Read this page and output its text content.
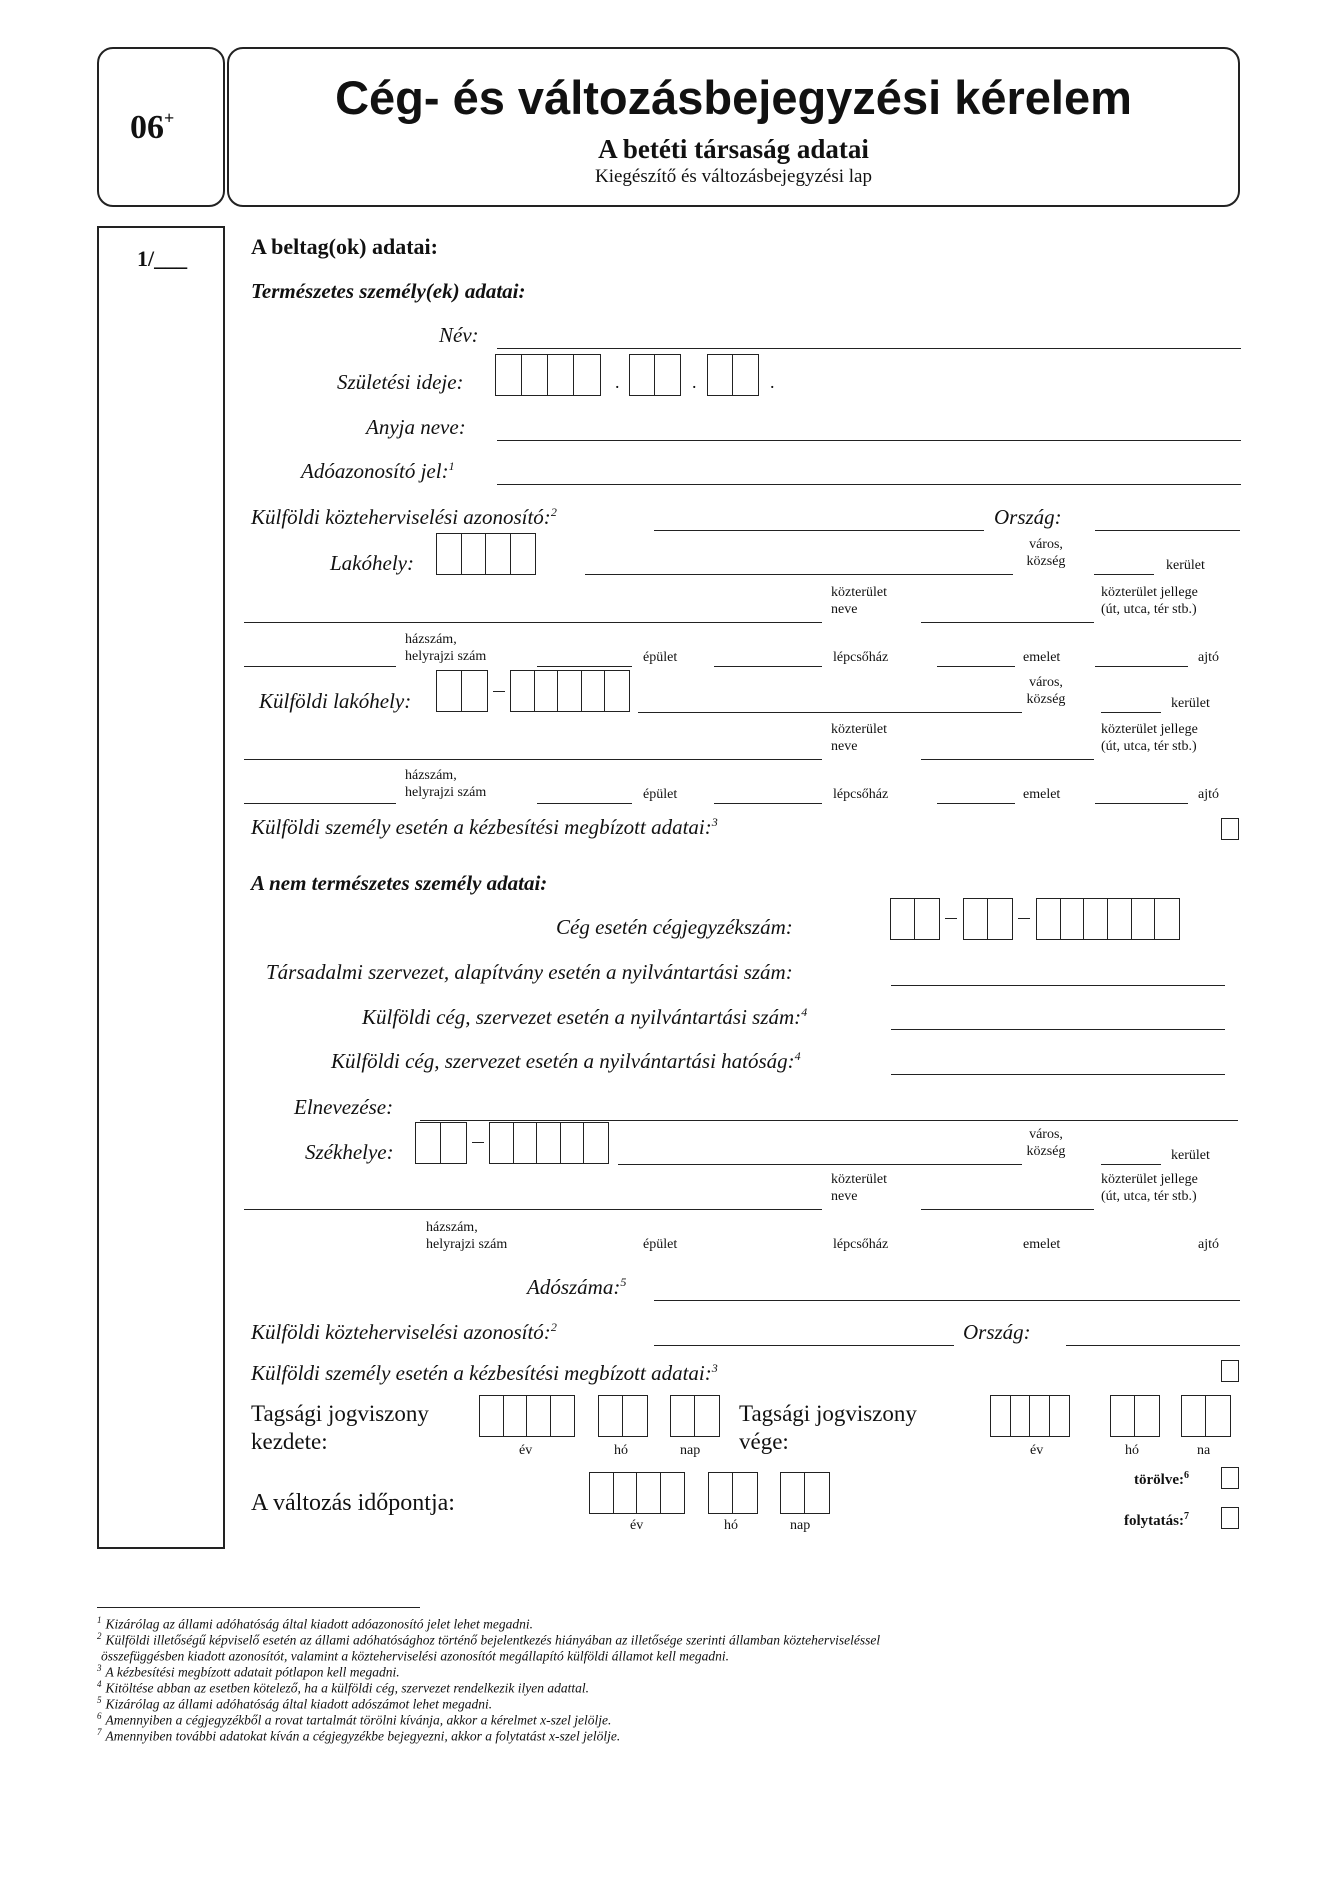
06+	Cég- és változásbejegyzési kérelem
A betéti társaság adatai
Kiegészítő és változásbejegyzési lap
1/___	A beltag(ok) adatai:
Természetes személy(ek) adatai:
Név:
Születési ideje:	.	.	.
Anyja neve:
Adóazonosító jel:$^1$
Külföldi közteherviselési azonosító:$^2$	Ország:
Lakóhely:
város,
község	kerület
közterület
neve
közterület jellege
(út, utca, tér stb.)
házszám,
helyrajzi szám	épület	lépcsőház	emelet	ajtó
Külföldi lakóhely:
város,
község	kerület
közterület
neve
közterület jellege
(út, utca, tér stb.)
házszám,
helyrajzi szám	épület	lépcsőház	emelet	ajtó
Külföldi személy esetén a kézbesítési megbízott adatai:$^3$
A nem természetes személy adatai:
Cég esetén cégjegyzékszám:
Társadalmi szervezet, alapítvány esetén a nyilvántartási szám:
Külföldi cég, szervezet esetén a nyilvántartási szám:$^4$
Külföldi cég, szervezet esetén a nyilvántartási hatóság:$^4$
Elnevezése:
Székhelye:
város,
község	kerület
közterület
neve
közterület jellege
(út, utca, tér stb.)
házszám,
helyrajzi szám	épület	lépcsőház	emelet	ajtó
Adószáma:$^5$
Külföldi közteherviselési azonosító:$^2$	Ország:
Külföldi személy esetén a kézbesítési megbízott adatai:$^3$
Tagsági jogviszony
kezdete:	év	hó	nap
Tagsági jogviszony
vége:	év	hó	na
A változás időpontja:
év	hó	nap
törölve:$^6$
folytatás:$^7$
$^1$ Kizárólag az állami adóhatóság által kiadott adóazonosító jelet lehet megadni.
$^2$ Külföldi illetőségű képviselő esetén az állami adóhatósághoz történő bejelentkezés hiányában az illetősége szerinti államban közteherviseléssel
összefüggésben kiadott azonosítót, valamint a közteherviselési azonosítót megállapító külföldi államot kell megadni.
$^3$ A kézbesítési megbízott adatait pótlapon kell megadni.
$^4$ Kitöltése abban az esetben kötelező, ha a külföldi cég, szervezet rendelkezik ilyen adattal.
$^5$ Kizárólag az állami adóhatóság által kiadott adószámot lehet megadni.
$^6$ Amennyiben a cégjegyzékből a rovat tartalmát törölni kívánja, akkor a kérelmet x-szel jelölje.
$^7$ Amennyiben további adatokat kíván a cégjegyzékbe bejegyezni, akkor a folytatást x-szel jelölje.
